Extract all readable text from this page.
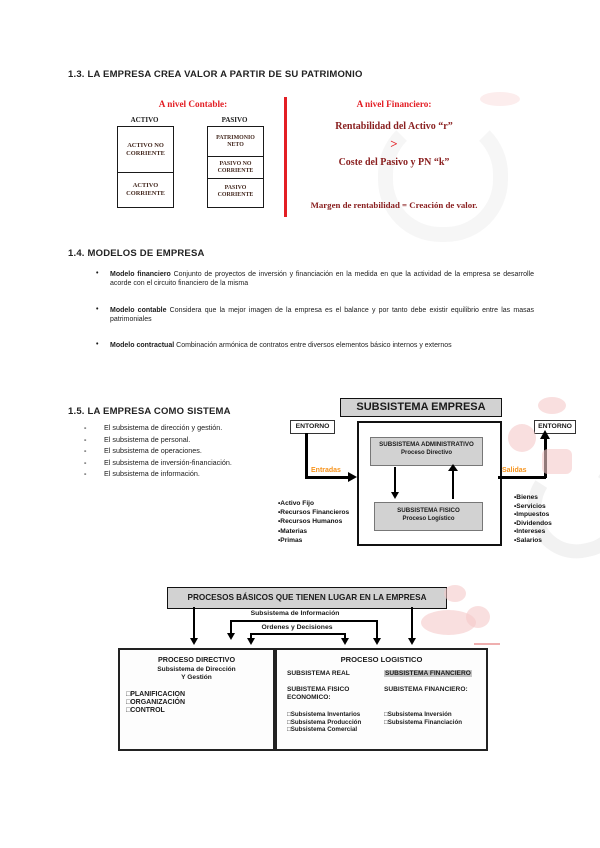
1.3. LA EMPRESA CREA VALOR A PARTIR DE SU PATRIMONIO
A nivel Contable:
ACTIVO
ACTIVO NO CORRIENTE
ACTIVO CORRIENTE
PASIVO
PATRIMONIO NETO
PASIVO NO CORRIENTE
PASIVO CORRIENTE
A nivel Financiero:
Rentabilidad del Activo “r”
>
Coste del Pasivo y PN “k”
Margen de rentabilidad = Creación de valor.
1.4. MODELOS DE EMPRESA
• Modelo financiero Conjunto de proyectos de inversión y financiación en la medida en que la actividad de la empresa se desarrolle acorde con el circuito financiero de la misma
• Modelo contable Considera que la mejor imagen de la empresa es el balance y por tanto debe existir equilibrio entre las masas patrimoniales
• Modelo contractual Combinación armónica de contratos entre diversos elementos básico internos y externos
1.5. LA EMPRESA COMO SISTEMA
- El subsistema de dirección y gestión.
- El subsistema de personal.
- El subsistema de operaciones.
- El subsistema de inversión-financiación.
- El subsistema de información.
SUBSISTEMA EMPRESA
ENTORNO	ENTORNO
SUBSISTEMA ADMINISTRATIVO
Proceso Directivo
SUBSISTEMA FISICO
Proceso Logístico
Entradas	Salidas
•Activo Fijo
•Recursos Financieros
•Recursos Humanos
•Materias
•Primas
•Bienes
•Servicios
•Impuestos
•Dividendos
•Intereses
•Salarios
PROCESOS BÁSICOS QUE TIENEN LUGAR EN LA EMPRESA
Subsistema de Información
Ordenes y Decisiones
PROCESO DIRECTIVO
Subsistema de Dirección
Y Gestión
□PLANIFICACION
□ORGANIZACIÓN
□CONTROL
PROCESO LOGISTICO
SUBSISTEMA REAL
SUBISTEMA FISICO
ECONOMICO:
□Subsistema Inventarios
□Subsistema Producción
□Subsistema Comercial
SUBSISTEMA FINANCIERO
SUBISTEMA FINANCIERO:
□Subsistema Inversión
□Subsistema Financiación
